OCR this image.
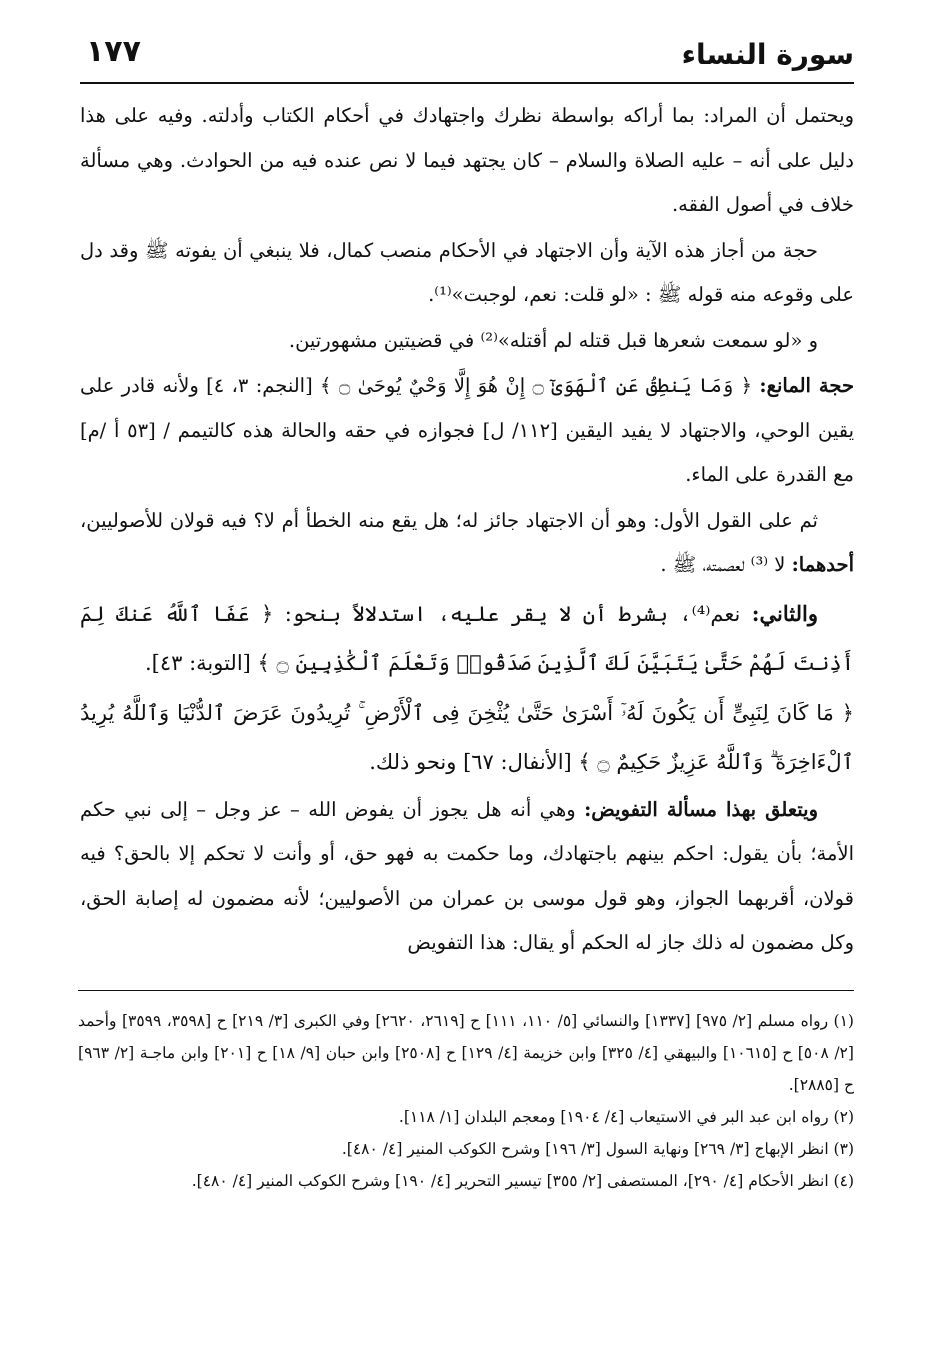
سورة النساء
١٧٧

ويحتمل أن المراد: بما أراكه بواسطة نظرك واجتهادك في أحكام الكتاب وأدلته. وفيه على هذا دليل على أنه – عليه الصلاة والسلام – كان يجتهد فيما لا نص عنده فيه من الحوادث. وهي مسألة خلاف في أصول الفقه.

حجة من أجاز هذه الآية وأن الاجتهاد في الأحكام منصب كمال، فلا ينبغي أن يفوته ﷺ وقد دل على وقوعه منه قوله ﷺ : «لو قلت: نعم، لوجبت»⁽¹⁾.

و «لو سمعت شعرها قبل قتله لم أقتله»⁽²⁾ في قضيتين مشهورتين.

حجة المانع: ﴿ وَمَا يَنطِقُ عَنِ ٱلْهَوَىٰٓ ۝ إِنْ هُوَ إِلَّا وَحْيٌ يُوحَىٰ ۝ ﴾ [النجم: ٣، ٤] ولأنه قادر على يقين الوحي، والاجتهاد لا يفيد اليقين [١١٢/ ل] فجوازه في حقه والحالة هذه كالتيمم / [٥٣ أ /م] مع القدرة على الماء.

ثم على القول الأول: وهو أن الاجتهاد جائز له؛ هل يقع منه الخطأ أم لا؟ فيه قولان للأصوليين، أحدهما: لا ⁽³⁾ لعصمته، ﷺ .

والثاني: نعم⁽⁴⁾، بشرط أن لا يقر عليه، استدلالاً بنحو: ﴿ عَفَا ٱللَّهُ عَنكَ لِمَ أَذِنتَ لَهُمْ حَتَّىٰ يَتَبَيَّنَ لَكَ ٱلَّذِينَ صَدَقُوا۟ وَتَعْلَمَ ٱلْكَٰذِبِينَ ۝ ﴾ [التوبة: ٤٣].

﴿ مَا كَانَ لِنَبِىٍّ أَن يَكُونَ لَهُۥٓ أَسْرَىٰ حَتَّىٰ يُثْخِنَ فِى ٱلْأَرْضِ ۚ تُرِيدُونَ عَرَضَ ٱلدُّنْيَا وَٱللَّهُ يُرِيدُ ٱلْءَاخِرَةَ ۗ وَٱللَّهُ عَزِيزٌ حَكِيمٌ ۝ ﴾ [الأنفال: ٦٧] ونحو ذلك.

ويتعلق بهذا مسألة التفويض: وهي أنه هل يجوز أن يفوض الله – عز وجل – إلى نبي حكم الأمة؛ بأن يقول: احكم بينهم باجتهادك، وما حكمت به فهو حق، أو وأنت لا تحكم إلا بالحق؟ فيه قولان، أقربهما الجواز، وهو قول موسى بن عمران من الأصوليين؛ لأنه مضمون له إصابة الحق، وكل مضمون له ذلك جاز له الحكم أو يقال: هذا التفويض

(١) رواه مسلم [٢/ ٩٧٥] [١٣٣٧] والنسائي [٥/ ١١٠، ١١١] ح [٢٦١٩، ٢٦٢٠] وفي الكبرى [٣/ ٢١٩] ح [٣٥٩٨، ٣٥٩٩] وأحمد [٢/ ٥٠٨] ح [١٠٦١٥] والبيهقي [٤/ ٣٢٥] وابن خزيمة [٤/ ١٢٩] ح [٢٥٠٨] وابن حبان [٩/ ١٨] ح [٢٠١] وابن ماجـة [٢/ ٩٦٣] ح [٢٨٨٥].

(٢) رواه ابن عبد البر في الاستيعاب [٤/ ١٩٠٤] ومعجم البلدان [١/ ١١٨].

(٣) انظر الإبهاج [٣/ ٢٦٩] ونهاية السول [٣/ ١٩٦] وشرح الكوكب المنير [٤/ ٤٨٠].

(٤) انظر الأحكام [٤/ ٢٩٠]، المستصفى [٢/ ٣٥٥] تيسير التحرير [٤/ ١٩٠] وشرح الكوكب المنير [٤/ ٤٨٠].
